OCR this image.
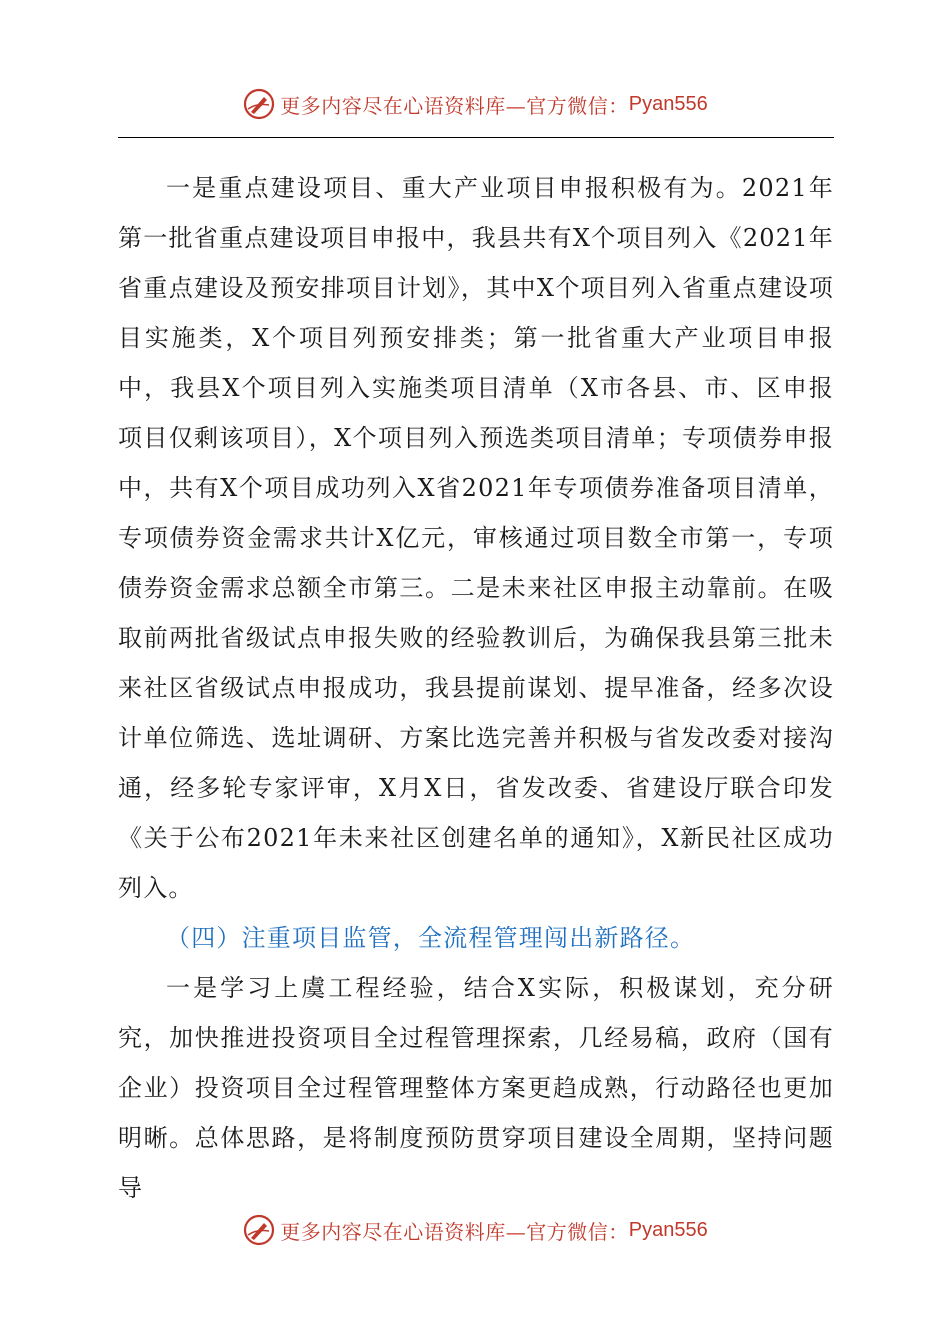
更多内容尽在心语资料库—官方微信： Pyan556

一是重点建设项目、重大产业项目申报积极有为。2021年第一批省重点建设项目申报中，我县共有X个项目列入《2021年省重点建设及预安排项目计划》，其中X个项目列入省重点建设项目实施类，X个项目列预安排类；第一批省重大产业项目申报中，我县X个项目列入实施类项目清单（X市各县、市、区申报项目仅剩该项目），X个项目列入预选类项目清单；专项债券申报中，共有X个项目成功列入X省2021年专项债券准备项目清单，专项债券资金需求共计X亿元，审核通过项目数全市第一，专项债券资金需求总额全市第三。二是未来社区申报主动靠前。在吸取前两批省级试点申报失败的经验教训后，为确保我县第三批未来社区省级试点申报成功，我县提前谋划、提早准备，经多次设计单位筛选、选址调研、方案比选完善并积极与省发改委对接沟通，经多轮专家评审，X月X日，省发改委、省建设厅联合印发《关于公布2021年未来社区创建名单的通知》，X新民社区成功列入。

（四）注重项目监管，全流程管理闯出新路径。

一是学习上虞工程经验，结合X实际，积极谋划，充分研究，加快推进投资项目全过程管理探索，几经易稿，政府（国有企业）投资项目全过程管理整体方案更趋成熟，行动路径也更加明晰。总体思路，是将制度预防贯穿项目建设全周期，坚持问题导

更多内容尽在心语资料库—官方微信： Pyan556
